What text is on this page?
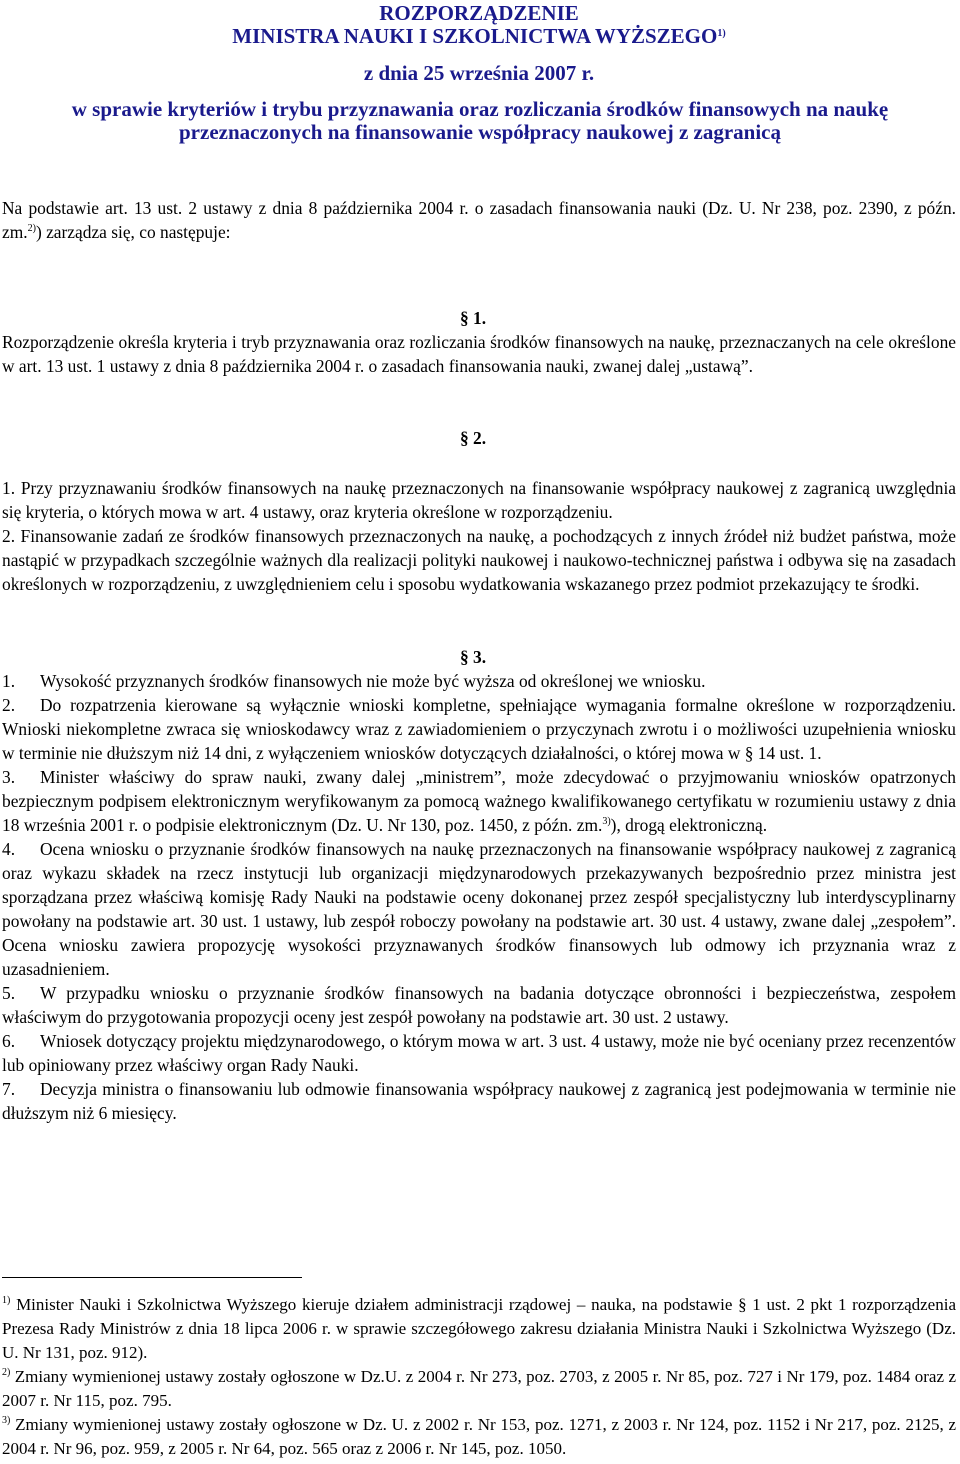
ROZPORZĄDZENIE
MINISTRA NAUKI I SZKOLNICTWA WYŻSZEGO$^{1)}$
z dnia 25 września 2007 r.
w sprawie kryteriów i trybu przyznawania oraz rozliczania środków finansowych na naukę przeznaczonych na finansowanie współpracy naukowej z zagranicą
Na podstawie art. 13 ust. 2 ustawy z dnia 8 października 2004 r. o zasadach finansowania nauki (Dz. U. Nr 238, poz. 2390, z późn. zm.$^{2)}$) zarządza się, co następuje:
§ 1.
Rozporządzenie określa kryteria i tryb przyznawania oraz rozliczania środków finansowych na naukę, przeznaczanych na cele określone w art. 13 ust. 1 ustawy z dnia 8 października 2004 r. o zasadach finansowania nauki, zwanej dalej „ustawą”.
§ 2.
1. Przy przyznawaniu środków finansowych na naukę przeznaczonych na finansowanie współpracy naukowej z zagranicą uwzględnia się kryteria, o których mowa w art. 4 ustawy, oraz kryteria określone w rozporządzeniu.
2. Finansowanie zadań ze środków finansowych przeznaczonych na naukę, a pochodzących z innych źródeł niż budżet państwa, może nastąpić w przypadkach szczególnie ważnych dla realizacji polityki naukowej i naukowo-technicznej państwa i odbywa się na zasadach określonych w rozporządzeniu, z uwzględnieniem celu i sposobu wydatkowania wskazanego przez podmiot przekazujący te środki.
§ 3.
1. Wysokość przyznanych środków finansowych nie może być wyższa od określonej we wniosku.
2. Do rozpatrzenia kierowane są wyłącznie wnioski kompletne, spełniające wymagania formalne określone w rozporządzeniu. Wnioski niekompletne zwraca się wnioskodawcy wraz z zawiadomieniem o przyczynach zwrotu i o możliwości uzupełnienia wniosku w terminie nie dłuższym niż 14 dni, z wyłączeniem wniosków dotyczących działalności, o której mowa w § 14 ust. 1.
3. Minister właściwy do spraw nauki, zwany dalej „ministrem”, może zdecydować o przyjmowaniu wniosków opatrzonych bezpiecznym podpisem elektronicznym weryfikowanym za pomocą ważnego kwalifikowanego certyfikatu w rozumieniu ustawy z dnia 18 września 2001 r. o podpisie elektronicznym (Dz. U. Nr 130, poz. 1450, z późn. zm.$^{3)}$), drogą elektroniczną.
4. Ocena wniosku o przyznanie środków finansowych na naukę przeznaczonych na finansowanie współpracy naukowej z zagranicą oraz wykazu składek na rzecz instytucji lub organizacji międzynarodowych przekazywanych bezpośrednio przez ministra jest sporządzana przez właściwą komisję Rady Nauki na podstawie oceny dokonanej przez zespół specjalistyczny lub interdyscyplinarny powołany na podstawie art. 30 ust. 1 ustawy, lub zespół roboczy powołany na podstawie art. 30 ust. 4 ustawy, zwane dalej „zespołem”. Ocena wniosku zawiera propozycję wysokości przyznawanych środków finansowych lub odmowy ich przyznania wraz z uzasadnieniem.
5. W przypadku wniosku o przyznanie środków finansowych na badania dotyczące obronności i bezpieczeństwa, zespołem właściwym do przygotowania propozycji oceny jest zespół powołany na podstawie art. 30 ust. 2 ustawy.
6. Wniosek dotyczący projektu międzynarodowego, o którym mowa w art. 3 ust. 4 ustawy, może nie być oceniany przez recenzentów lub opiniowany przez właściwy organ Rady Nauki.
7. Decyzja ministra o finansowaniu lub odmowie finansowania współpracy naukowej z zagranicą jest podejmowania w terminie nie dłuższym niż 6 miesięcy.
$^{1)}$ Minister Nauki i Szkolnictwa Wyższego kieruje działem administracji rządowej – nauka, na podstawie § 1 ust. 2 pkt 1 rozporządzenia Prezesa Rady Ministrów z dnia 18 lipca 2006 r. w sprawie szczegółowego zakresu działania Ministra Nauki i Szkolnictwa Wyższego (Dz. U. Nr 131, poz. 912).
$^{2)}$ Zmiany wymienionej ustawy zostały ogłoszone w Dz.U. z 2004 r. Nr 273, poz. 2703, z 2005 r. Nr 85, poz. 727 i Nr 179, poz. 1484 oraz z 2007 r. Nr 115, poz. 795.
$^{3)}$ Zmiany wymienionej ustawy zostały ogłoszone w Dz. U. z 2002 r. Nr 153, poz. 1271, z 2003 r. Nr 124, poz. 1152 i Nr 217, poz. 2125, z 2004 r. Nr 96, poz. 959, z 2005 r. Nr 64, poz. 565 oraz z 2006 r. Nr 145, poz. 1050.
